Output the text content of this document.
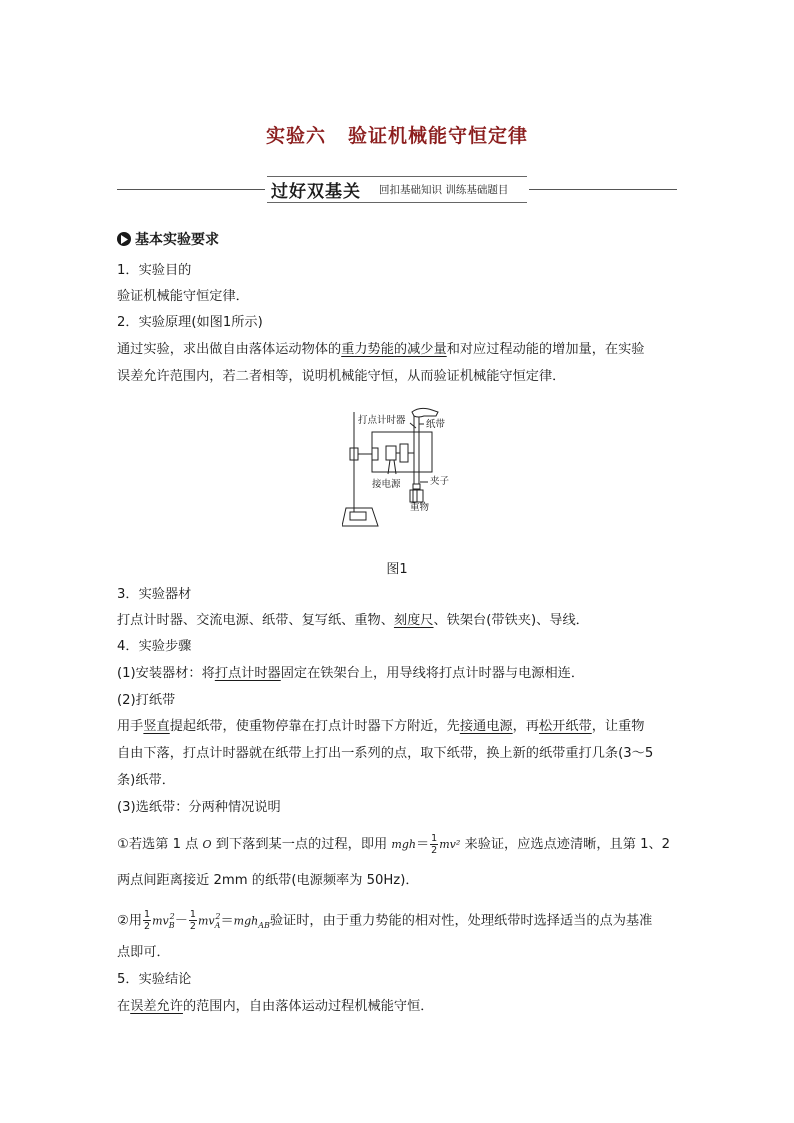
实验六 验证机械能守恒定律
过好双基关 回扣基础知识 训练基础题目
基本实验要求
1．实验目的
验证机械能守恒定律．
2．实验原理(如图1所示)
通过实验，求出做自由落体运动物体的重力势能的减少量和对应过程动能的增加量，在实验
误差允许范围内，若二者相等，说明机械能守恒，从而验证机械能守恒定律．
打点计时器 纸带
接电源	夹子
重物
图1
3．实验器材
打点计时器、交流电源、纸带、复写纸、重物、刻度尺、铁架台(带铁夹)、导线．
4．实验步骤
(1)安装器材：将打点计时器固定在铁架台上，用导线将打点计时器与电源相连．
(2)打纸带
用手竖直提起纸带，使重物停靠在打点计时器下方附近，先接通电源，再松开纸带，让重物
自由下落，打点计时器就在纸带上打出一系列的点，取下纸带，换上新的纸带重打几条(3～5
条)纸带．
(3)选纸带：分两种情况说明
①若选第 1 点 O 到下落到某一点的过程，即用 $mgh= \frac{1}{2} mv^2$ 来验证，应选点迹清晰，且第 1、2
两点间距离接近 2mm 的纸带(电源频率为 50Hz)．
②用 $\frac{1}{2} mv_B^2- \frac{1}{2} mv_A^2=mgh_{AB}$验证时，由于重力势能的相对性，处理纸带时选择适当的点为基准
点即可．
5．实验结论
在误差允许的范围内，自由落体运动过程机械能守恒．
